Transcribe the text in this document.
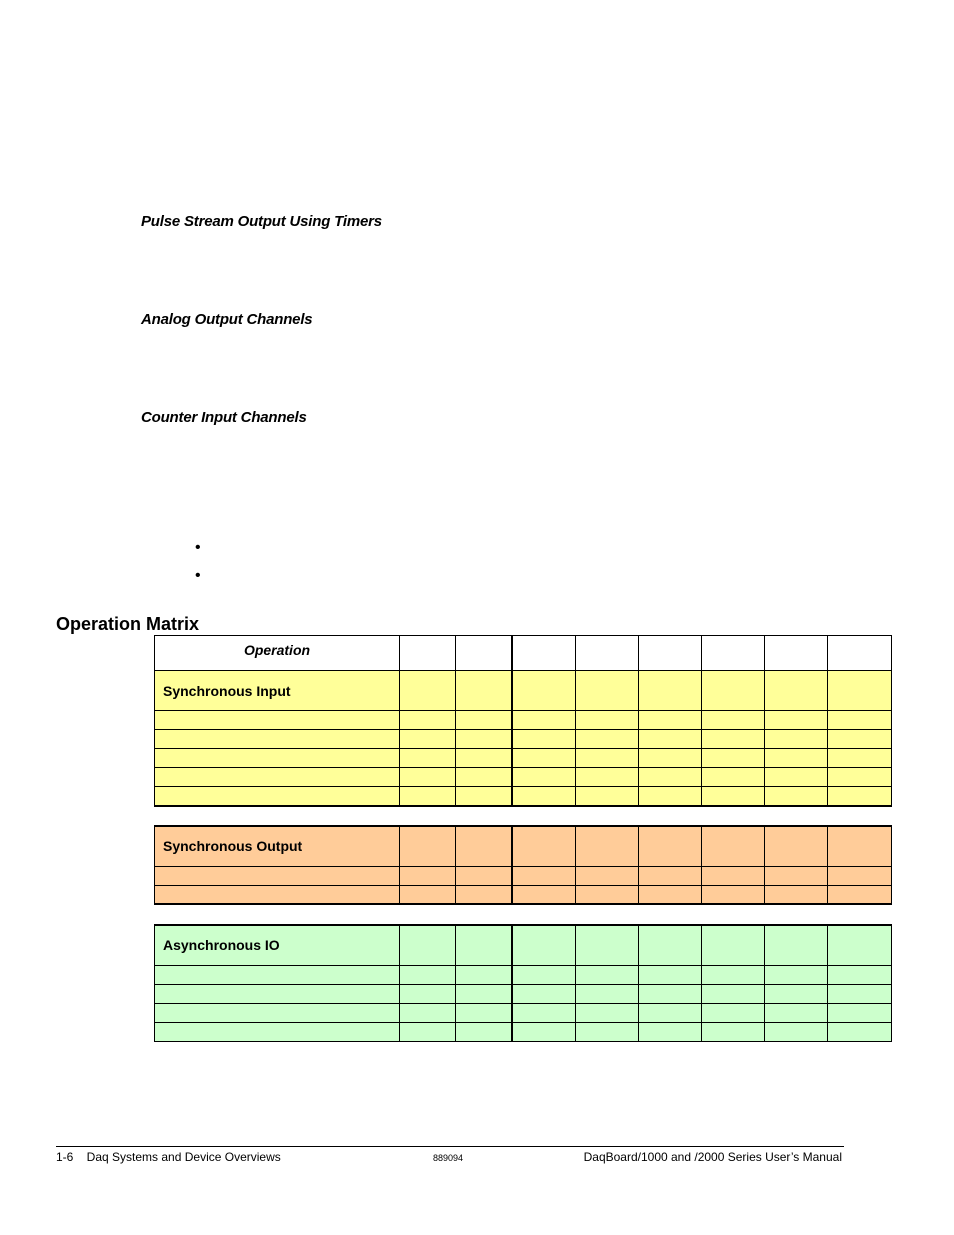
Pulse Stream Output Using Timers
Analog Output Channels
Counter Input Channels
•
•
Operation Matrix
Operation								
Synchronous Input								

Synchronous Output								

Asynchronous IO								

1-6    Daq Systems and Device Overviews	889094	DaqBoard/1000 and /2000 Series User’s Manual
